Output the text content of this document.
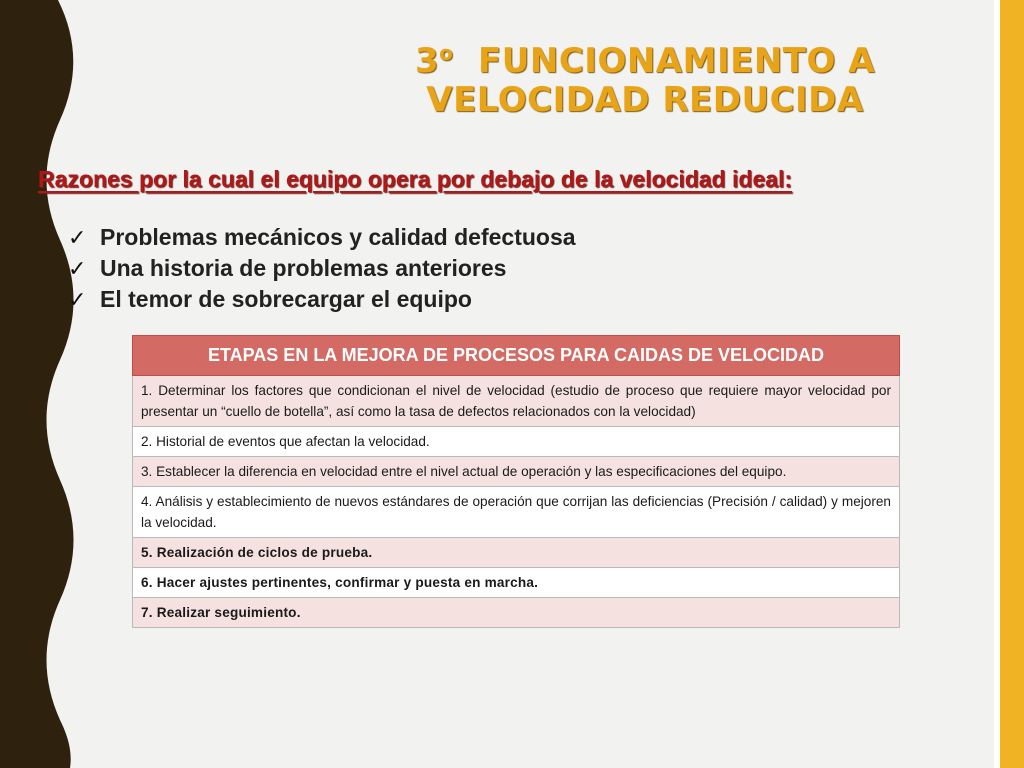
3$^o$  FUNCIONAMIENTO A
VELOCIDAD REDUCIDA
Razones por la cual el equipo opera por debajo de la velocidad ideal:
✓ Problemas mecánicos y calidad defectuosa
✓ Una historia de problemas anteriores
✓ El temor de sobrecargar el equipo
ETAPAS EN LA MEJORA DE PROCESOS PARA CAIDAS DE VELOCIDAD
1. Determinar los factores que condicionan el nivel de velocidad (estudio de proceso que requiere mayor velocidad por presentar un “cuello de botella”, así como la tasa de defectos relacionados con la velocidad)
2. Historial de eventos que afectan la velocidad.
3. Establecer la diferencia en velocidad entre el nivel actual de operación y las especificaciones del equipo.
4. Análisis y establecimiento de nuevos estándares de operación que corrijan las deficiencias (Precisión / calidad) y mejoren la velocidad.
5. Realización de ciclos de prueba.
6. Hacer ajustes pertinentes, confirmar y puesta en marcha.
7. Realizar seguimiento.
